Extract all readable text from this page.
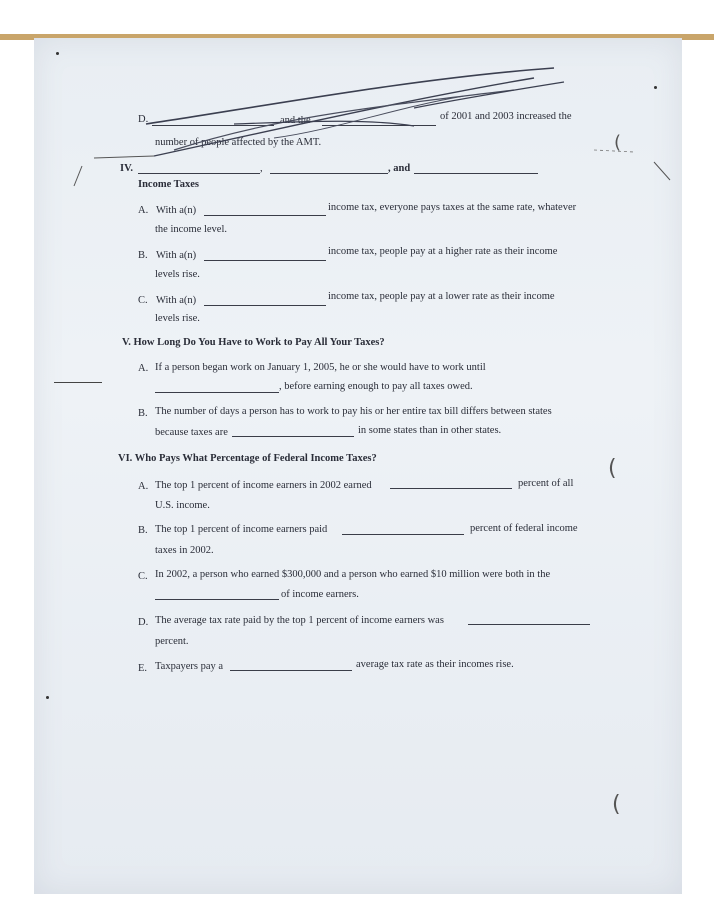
D.	and the	of 2001 and 2003 increased the
number of people affected by the AMT.
IV.	,	, and
Income Taxes
A. With a(n)	income tax, everyone pays taxes at the same rate, whatever
the income level.
B. With a(n)	income tax, people pay at a higher rate as their income
levels rise.
C. With a(n)	income tax, people pay at a lower rate as their income
levels rise.
V. How Long Do You Have to Work to Pay All Your Taxes?
A. If a person began work on January 1, 2005, he or she would have to work until
, before earning enough to pay all taxes owed.
B. The number of days a person has to work to pay his or her entire tax bill differs between states
because taxes are	in some states than in other states.
VI. Who Pays What Percentage of Federal Income Taxes?
A. The top 1 percent of income earners in 2002 earned	percent of all
U.S. income.
B. The top 1 percent of income earners paid	percent of federal income
taxes in 2002.
C. In 2002, a person who earned $300,000 and a person who earned $10 million were both in the
of income earners.
D. The average tax rate paid by the top 1 percent of income earners was
percent.
E. Taxpayers pay a	average tax rate as their incomes rise.
(
(
(
